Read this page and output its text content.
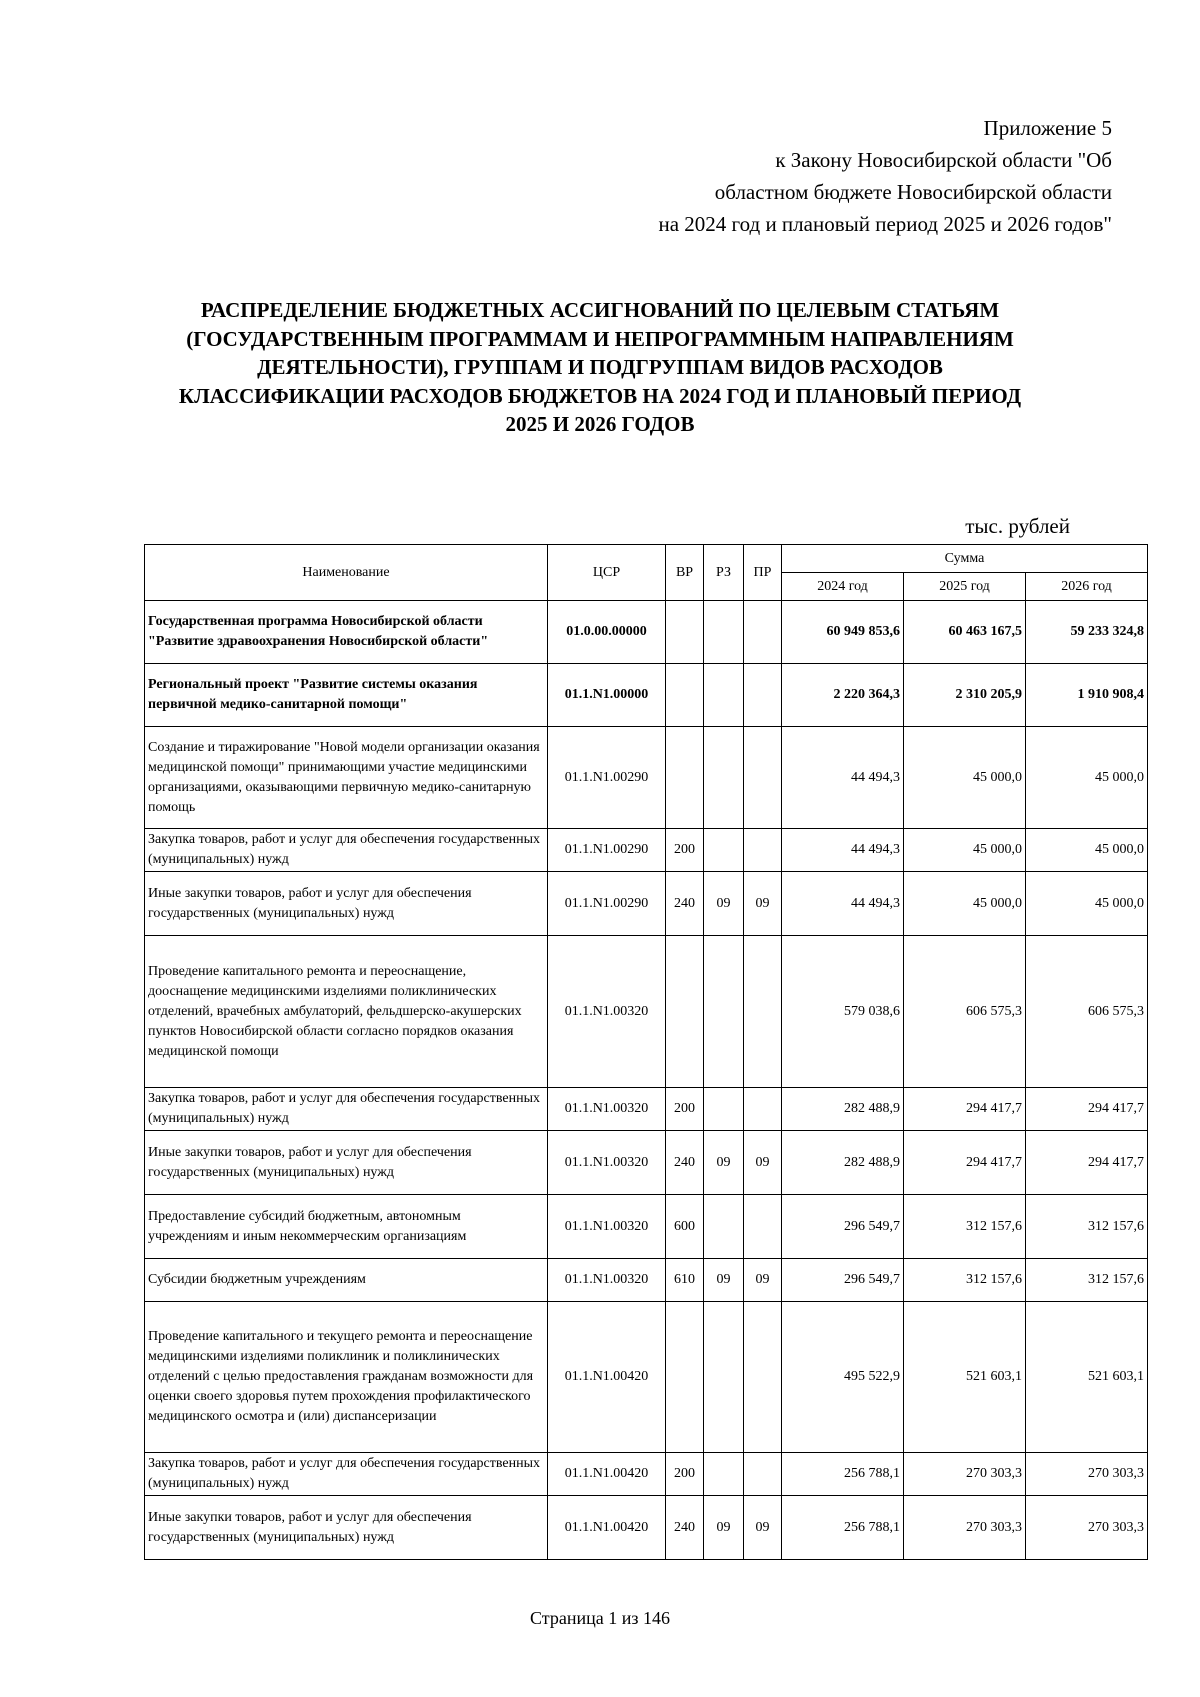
Приложение 5
к Закону Новосибирской области "Об
областном бюджете Новосибирской области
на 2024 год и плановый период 2025 и 2026 годов"
РАСПРЕДЕЛЕНИЕ БЮДЖЕТНЫХ АССИГНОВАНИЙ ПО ЦЕЛЕВЫМ СТАТЬЯМ
(ГОСУДАРСТВЕННЫМ ПРОГРАММАМ И НЕПРОГРАММНЫМ НАПРАВЛЕНИЯМ
ДЕЯТЕЛЬНОСТИ), ГРУППАМ И ПОДГРУППАМ ВИДОВ РАСХОДОВ
КЛАССИФИКАЦИИ РАСХОДОВ БЮДЖЕТОВ НА 2024 ГОД И ПЛАНОВЫЙ ПЕРИОД
2025 И 2026 ГОДОВ
тыс. рублей
Наименование	ЦСР	ВР	РЗ	ПР	Сумма		
					2024 год	2025 год	2026 год
Государственная программа Новосибирской области "Развитие здравоохранения Новосибирской области"	01.0.00.00000				60 949 853,6	60 463 167,5	59 233 324,8
Региональный проект "Развитие системы оказания первичной медико-санитарной помощи"	01.1.N1.00000				2 220 364,3	2 310 205,9	1 910 908,4
Создание и тиражирование "Новой модели организации оказания медицинской помощи" принимающими участие медицинскими организациями, оказывающими первичную медико-санитарную помощь	01.1.N1.00290				44 494,3	45 000,0	45 000,0
Закупка товаров, работ и услуг для обеспечения государственных (муниципальных) нужд	01.1.N1.00290	200			44 494,3	45 000,0	45 000,0
Иные закупки товаров, работ и услуг для обеспечения государственных (муниципальных) нужд	01.1.N1.00290	240	09	09	44 494,3	45 000,0	45 000,0
Проведение капитального ремонта и переоснащение, дооснащение медицинскими изделиями поликлинических отделений, врачебных амбулаторий, фельдшерско-акушерских пунктов Новосибирской области согласно порядков оказания медицинской помощи	01.1.N1.00320				579 038,6	606 575,3	606 575,3
Закупка товаров, работ и услуг для обеспечения государственных (муниципальных) нужд	01.1.N1.00320	200			282 488,9	294 417,7	294 417,7
Иные закупки товаров, работ и услуг для обеспечения государственных (муниципальных) нужд	01.1.N1.00320	240	09	09	282 488,9	294 417,7	294 417,7
Предоставление субсидий бюджетным, автономным учреждениям и иным некоммерческим организациям	01.1.N1.00320	600			296 549,7	312 157,6	312 157,6
Субсидии бюджетным учреждениям	01.1.N1.00320	610	09	09	296 549,7	312 157,6	312 157,6
Проведение капитального и текущего ремонта и переоснащение медицинскими изделиями поликлиник и поликлинических отделений с целью предоставления гражданам возможности для оценки своего здоровья путем прохождения профилактического медицинского осмотра и (или) диспансеризации	01.1.N1.00420				495 522,9	521 603,1	521 603,1
Закупка товаров, работ и услуг для обеспечения государственных (муниципальных) нужд	01.1.N1.00420	200			256 788,1	270 303,3	270 303,3
Иные закупки товаров, работ и услуг для обеспечения государственных (муниципальных) нужд	01.1.N1.00420	240	09	09	256 788,1	270 303,3	270 303,3
Страница 1 из 146
